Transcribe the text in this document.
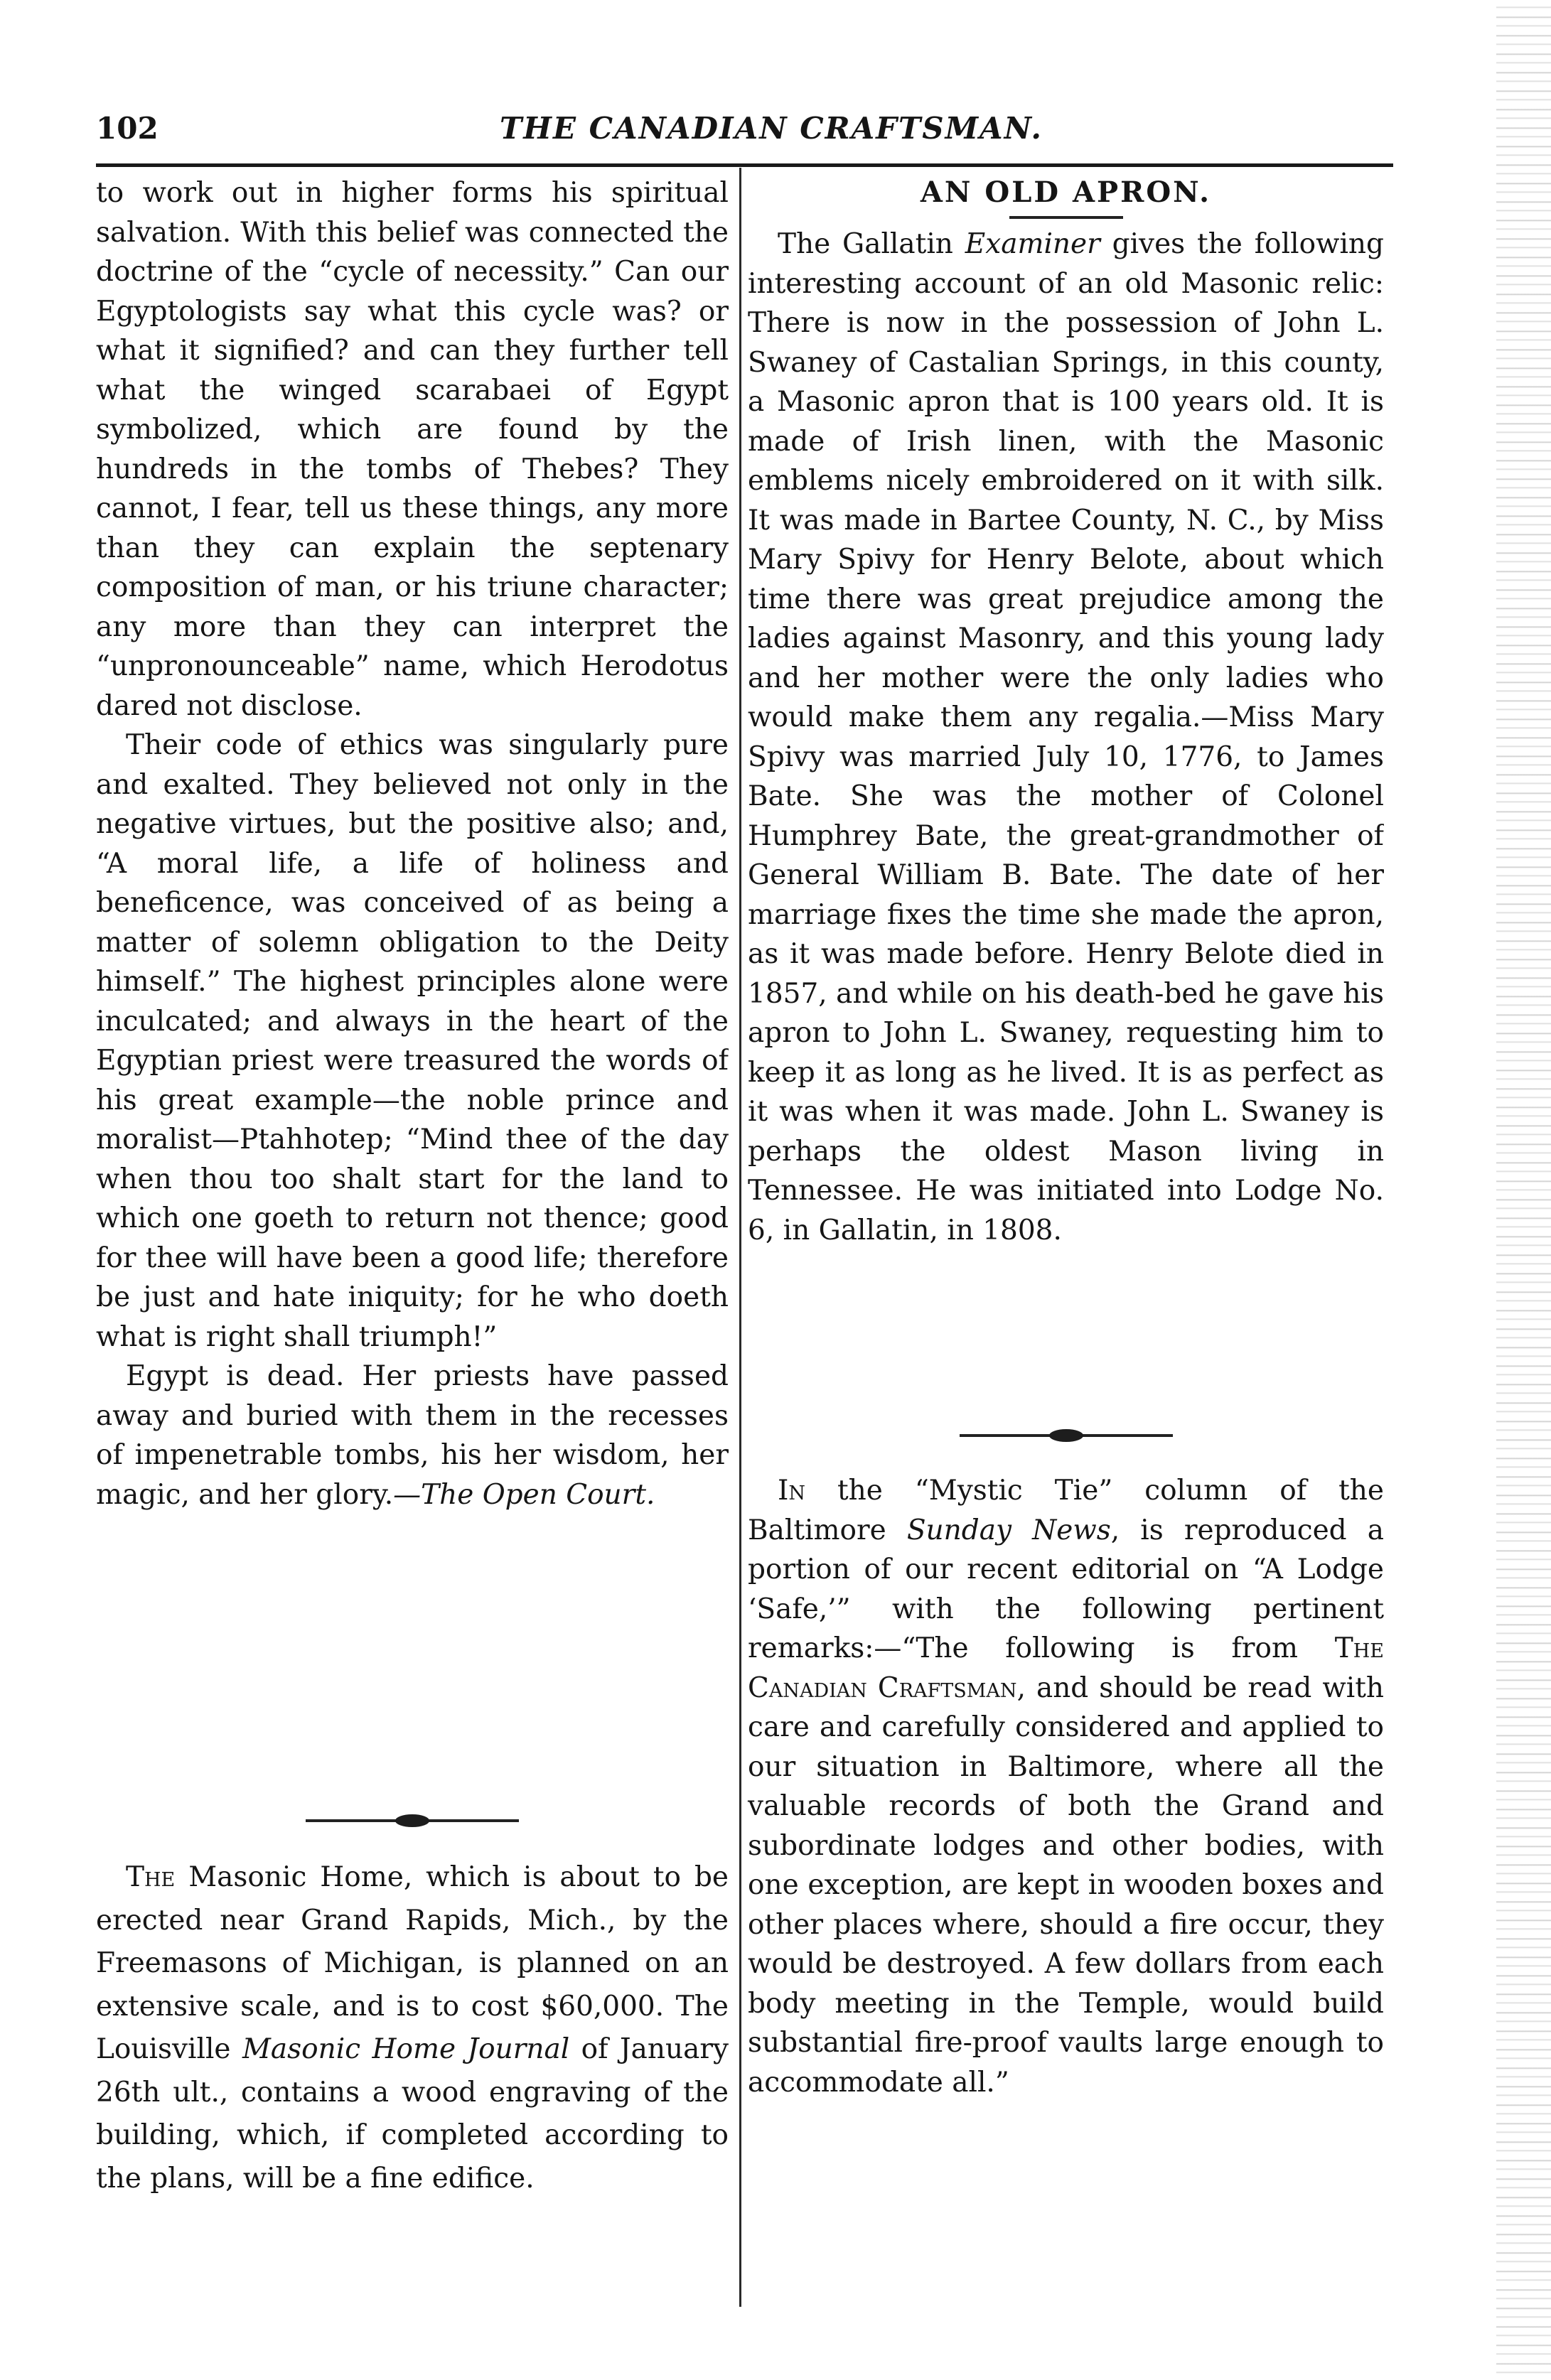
102	THE CANADIAN CRAFTSMAN.

to work out in higher forms his spiritual salvation. With this belief was connected the doctrine of the “cycle of necessity.” Can our Egyptologists say what this cycle was? or what it signified? and can they further tell what the winged scarabaei of Egypt symbolized, which are found by the hundreds in the tombs of Thebes? They cannot, I fear, tell us these things, any more than they can explain the septenary composition of man, or his triune character; any more than they can interpret the “unpronounceable” name, which Herodotus dared not disclose.

Their code of ethics was singularly pure and exalted. They believed not only in the negative virtues, but the positive also; and, “A moral life, a life of holiness and beneficence, was conceived of as being a matter of solemn obligation to the Deity himself.” The highest principles alone were inculcated; and always in the heart of the Egyptian priest were treasured the words of his great example—the noble prince and moralist—Ptahhotep; “Mind thee of the day when thou too shalt start for the land to which one goeth to return not thence; good for thee will have been a good life; therefore be just and hate iniquity; for he who doeth what is right shall triumph!”

Egypt is dead. Her priests have passed away and buried with them in the recesses of impenetrable tombs, his her wisdom, her magic, and her glory.—The Open Court.

The Masonic Home, which is about to be erected near Grand Rapids, Mich., by the Freemasons of Michigan, is planned on an extensive scale, and is to cost $60,000. The Louisville Masonic Home Journal of January 26th ult., contains a wood engraving of the building, which, if completed according to the plans, will be a fine edifice.

AN OLD APRON.

The Gallatin Examiner gives the following interesting account of an old Masonic relic: There is now in the possession of John L. Swaney of Castalian Springs, in this county, a Masonic apron that is 100 years old. It is made of Irish linen, with the Masonic emblems nicely embroidered on it with silk. It was made in Bartee County, N. C., by Miss Mary Spivy for Henry Belote, about which time there was great prejudice among the ladies against Masonry, and this young lady and her mother were the only ladies who would make them any regalia.—Miss Mary Spivy was married July 10, 1776, to James Bate. She was the mother of Colonel Humphrey Bate, the great-grandmother of General William B. Bate. The date of her marriage fixes the time she made the apron, as it was made before. Henry Belote died in 1857, and while on his death-bed he gave his apron to John L. Swaney, requesting him to keep it as long as he lived. It is as perfect as it was when it was made. John L. Swaney is perhaps the oldest Mason living in Tennessee. He was initiated into Lodge No. 6, in Gallatin, in 1808.

In the “Mystic Tie” column of the Baltimore Sunday News, is reproduced a portion of our recent editorial on “A Lodge ‘Safe,’” with the following pertinent remarks:—“The following is from The Canadian Craftsman, and should be read with care and carefully considered and applied to our situation in Baltimore, where all the valuable records of both the Grand and subordinate lodges and other bodies, with one exception, are kept in wooden boxes and other places where, should a fire occur, they would be destroyed. A few dollars from each body meeting in the Temple, would build substantial fire-proof vaults large enough to accommodate all.”
